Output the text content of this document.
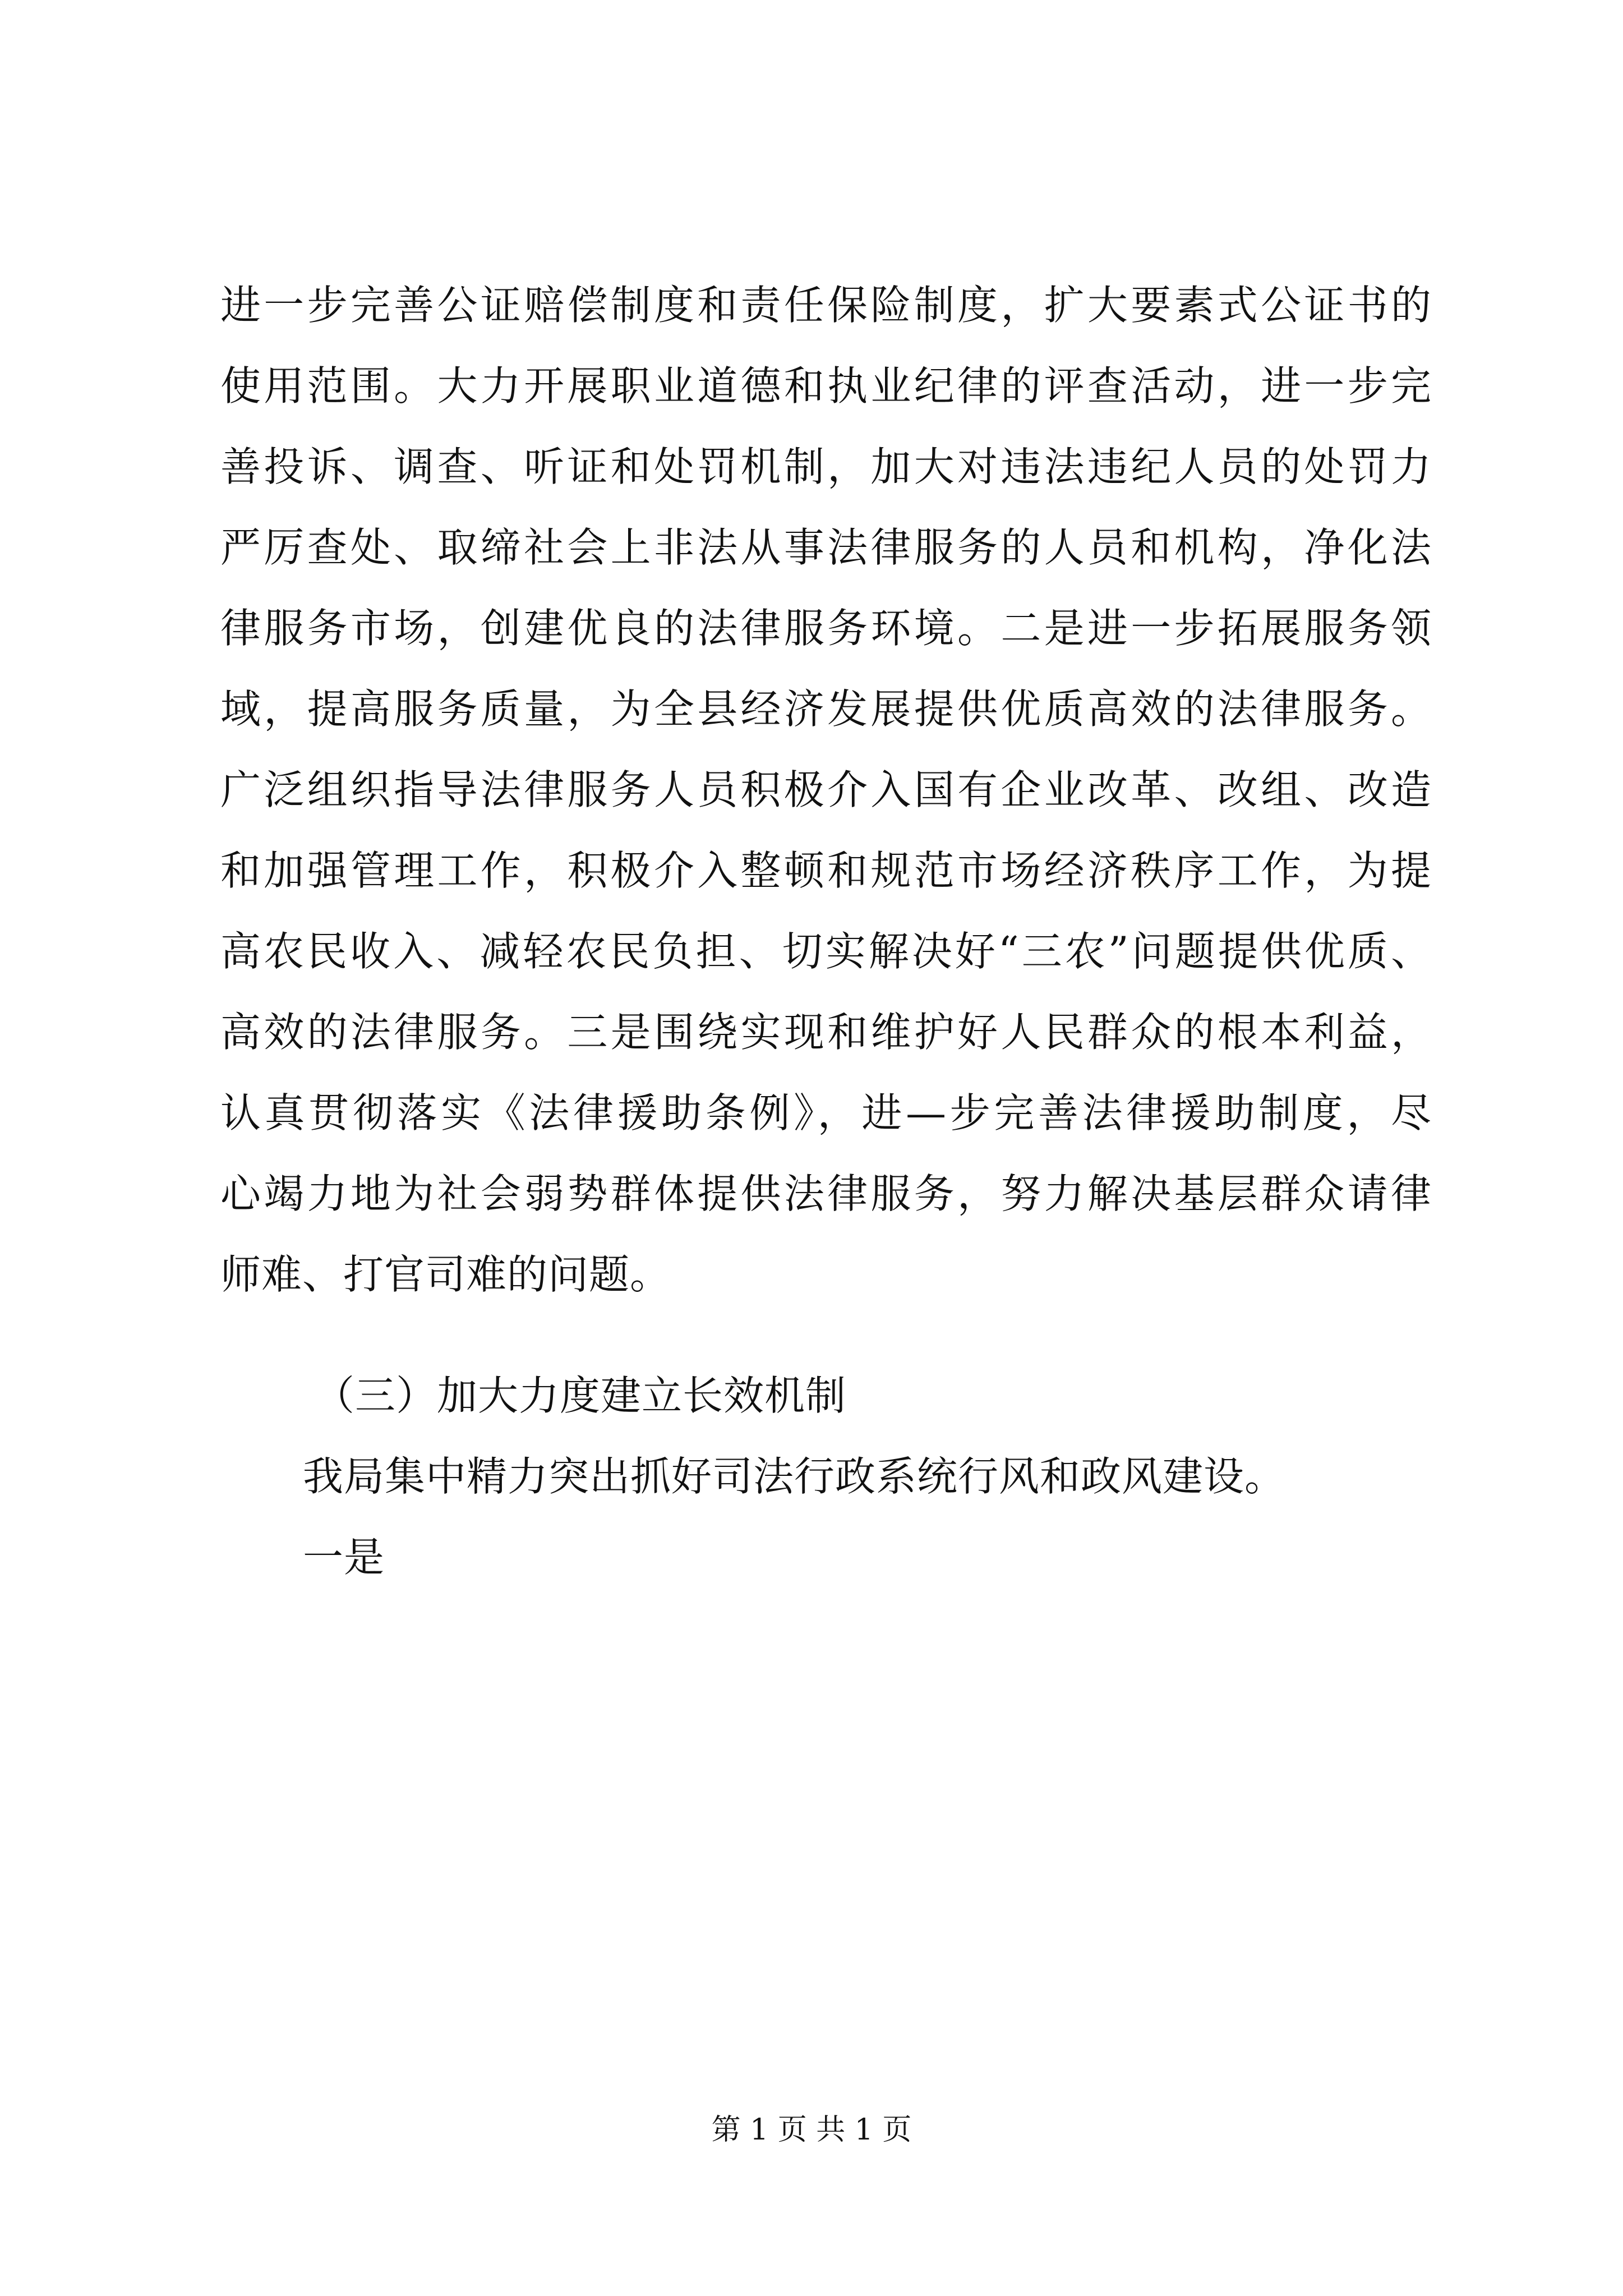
进一步完善公证赔偿制度和责任保险制度，扩大要素式公证书的
使用范围。大力开展职业道德和执业纪律的评查活动，进一步完
善投诉、调查、听证和处罚机制，加大对违法违纪人员的处罚力
严厉查处、取缔社会上非法从事法律服务的人员和机构，净化法
律服务市场，创建优良的法律服务环境。二是进一步拓展服务领
域，提高服务质量，为全县经济发展提供优质高效的法律服务。
广泛组织指导法律服务人员积极介入国有企业改革、改组、改造
和加强管理工作，积极介入整顿和规范市场经济秩序工作，为提
高农民收入、减轻农民负担、切实解决好“三农”问题提供优质、
高效的法律服务。三是围绕实现和维护好人民群众的根本利益，
认真贯彻落实《法律援助条例》，进—步完善法律援助制度，尽
心竭力地为社会弱势群体提供法律服务，努力解决基层群众请律
师难、打官司难的问题。
（三）加大力度建立长效机制
我局集中精力突出抓好司法行政系统行风和政风建设。
一是
第 1 页 共 1 页
